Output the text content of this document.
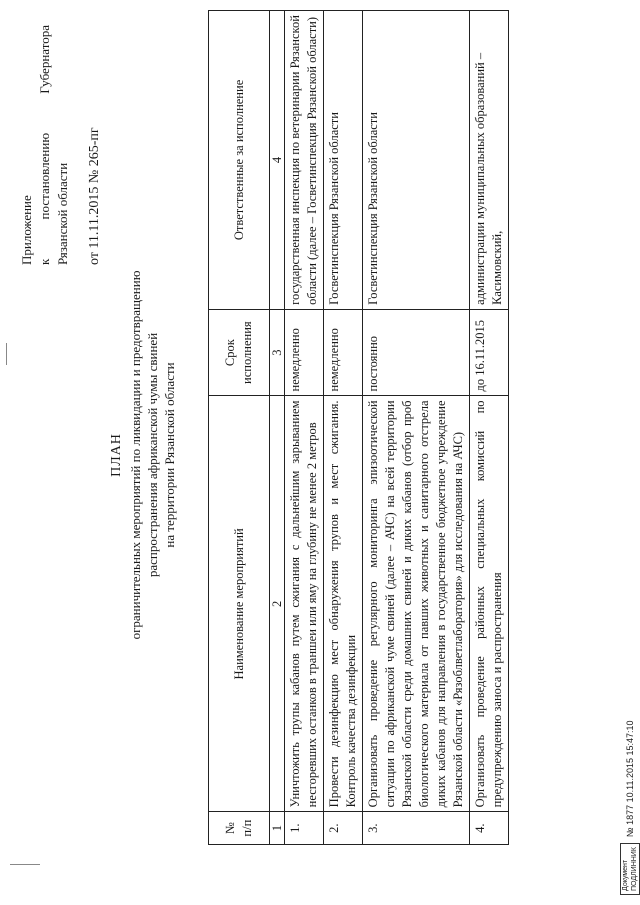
Приложение к
постановлению
Губернатора
Рязанской области от 11.11.2015 № 265-пг
ПЛАН ограничительных мероприятий по ликвидации и предотвращению распространения африканской чумы свиней на территории Рязанской области
№ п/п	Наименование мероприятий	Срок исполнения	Ответственные за исполнение
1	2	3	4
1.	Уничтожить трупы кабанов путем сжигания с дальнейшим зарыванием несгоревших останков в траншеи или яму на глубину не менее 2 метров	немедленно	государственная инспекция по ветеринарии Рязанской области (далее – Госветинспекция Рязанской области)
2.	Провести дезинфекцию мест обнаружения трупов и мест сжигания. Контроль качества дезинфекции	немедленно	Госветинспекция Рязанской области
3.	Организовать проведение регулярного мониторинга эпизоотической ситуации по африканской чуме свиней (далее – АЧС) на всей территории Рязанской области среди домашних свиней и диких кабанов (отбор проб биологического материала от павших животных и санитарного отстрела диких кабанов для направления в государственное бюджетное учреждение Рязанской области «Рязоблветлаборатория» для исследования на АЧС)	постоянно	Госветинспекция Рязанской области
4.	Организовать проведение районных специальных комиссий по предупреждению заноса и распространения	до 16.11.2015	администрации муниципальных образований – Касимовский,
Документ ПОДЛИННИК
№ 1877 10.11.2015 15:47:10
